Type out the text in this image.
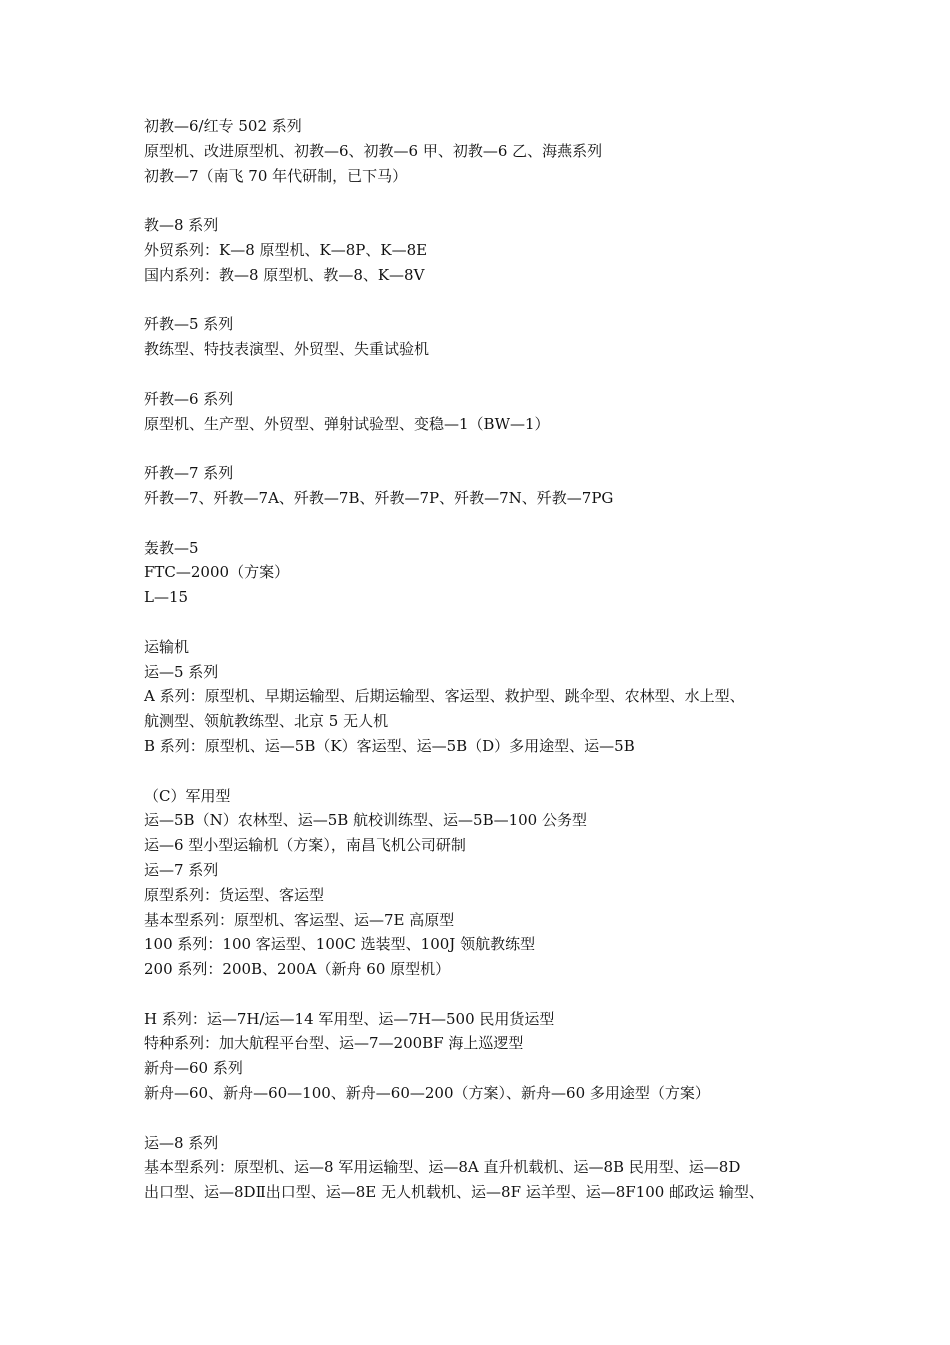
初教—6/红专 502 系列
原型机、改进原型机、初教—6、初教—6 甲、初教—6 乙、海燕系列
初教—7（南飞 70 年代研制，已下马）
教—8 系列
外贸系列：K—8 原型机、K—8P、K—8E
国内系列：教—8 原型机、教—8、K—8V
歼教—5 系列
教练型、特技表演型、外贸型、失重试验机
歼教—6 系列
原型机、生产型、外贸型、弹射试验型、变稳—1（BW—1）
歼教—7 系列
歼教—7、歼教—7A、歼教—7B、歼教—7P、歼教—7N、歼教—7PG
轰教—5
FTC—2000（方案）
L—15
运输机
运—5 系列
A 系列：原型机、早期运输型、后期运输型、客运型、救护型、跳伞型、农林型、水上型、
航测型、领航教练型、北京 5 无人机
B 系列：原型机、运—5B（K）客运型、运—5B（D）多用途型、运—5B
（C）军用型
运—5B（N）农林型、运—5B 航校训练型、运—5B—100 公务型
运—6 型小型运输机（方案），南昌飞机公司研制
运—7 系列
原型系列：货运型、客运型
基本型系列：原型机、客运型、运—7E 高原型
100 系列：100 客运型、100C 选装型、100J 领航教练型
200 系列：200B、200A（新舟 60 原型机）
H 系列：运—7H/运—14 军用型、运—7H—500 民用货运型
特种系列：加大航程平台型、运—7—200BF 海上巡逻型
新舟—60 系列
新舟—60、新舟—60—100、新舟—60—200（方案）、新舟—60 多用途型（方案）
运—8 系列
基本型系列：原型机、运—8 军用运输型、运—8A 直升机载机、运—8B 民用型、运—8D
出口型、运—8DⅡ出口型、运—8E 无人机载机、运—8F 运羊型、运—8F100 邮政运 输型、
